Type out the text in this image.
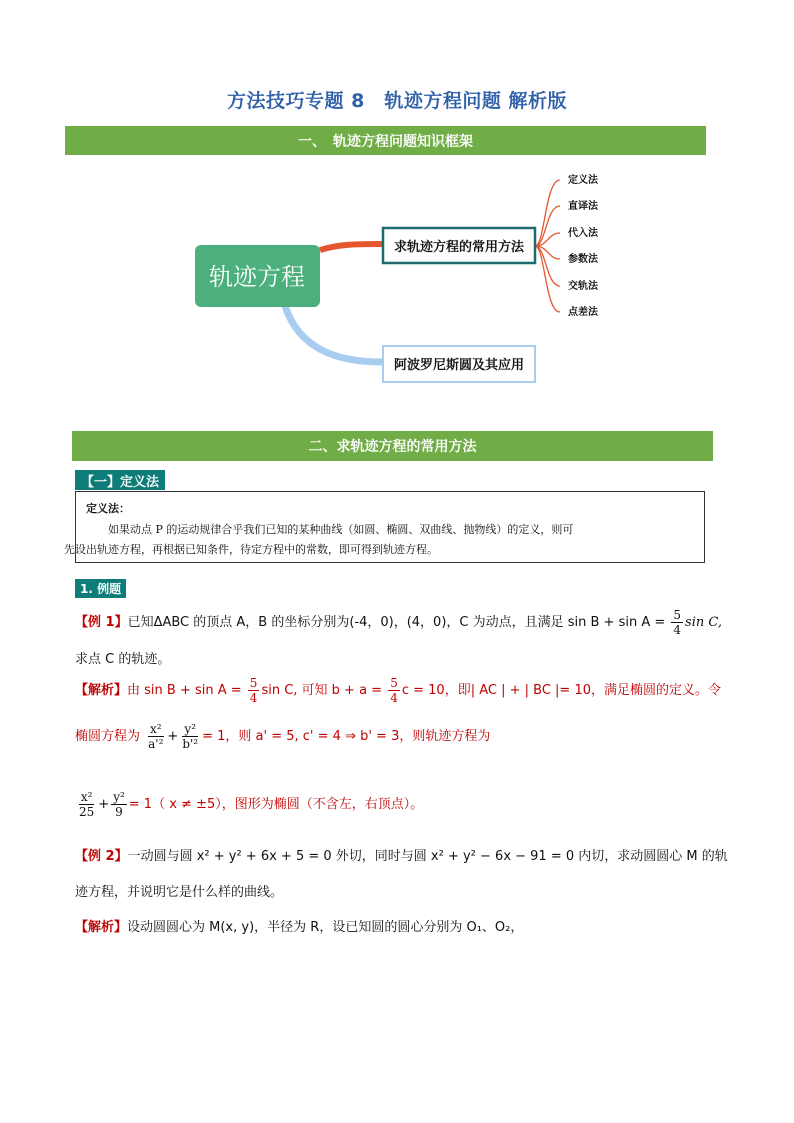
方法技巧专题 8　轨迹方程问题 解析版
一、　轨迹方程问题知识框架
轨迹方程
求轨迹方程的常用方法
阿波罗尼斯圆及其应用
定义法
直译法
代入法
参数法
交轨法
点差法
二、求轨迹方程的常用方法
【一】定义法
定义法：
如果动点 P 的运动规律合乎我们已知的某种曲线（如圆、椭圆、双曲线、抛物线）的定义，则可
先设出轨迹方程，再根据已知条件，待定方程中的常数，即可得到轨迹方程。
1. 例题
【例 1】已知ΔABC 的顶点 A，B 的坐标分别为(-4，0)，(4，0)，C 为动点，且满足 $\sin B + \sin A = \frac{5}{4}$ sin C,
求点 C 的轨迹。
【解析】由 $\sin B + \sin A = \frac{5}{4}$ sin C, 可知 $b + a = \frac{5}{4}$ c = 10，即| AC | + | BC |= 10，满足椭圆的定义。令
椭圆方程为 $\frac{\text{x²}}{\text{a'²}} + \frac{\text{y²}}{\text{b'²}} = 1$，则 a' = 5, c' = 4 ⇒ b' = 3，则轨迹方程为
$\frac{\text{x²}}{25} + \frac{\text{y²}}{9} = 1$（ x ≠ ±5），图形为椭圆（不含左，右顶点）。
【例 2】一动圆与圆 x² + y² + 6x + 5 = 0 外切，同时与圆 x² + y² − 6x − 91 = 0 内切，求动圆圆心 M 的轨
迹方程，并说明它是什么样的曲线。
【解析】设动圆圆心为 M(x, y)，半径为 R，设已知圆的圆心分别为 O₁、O₂，
